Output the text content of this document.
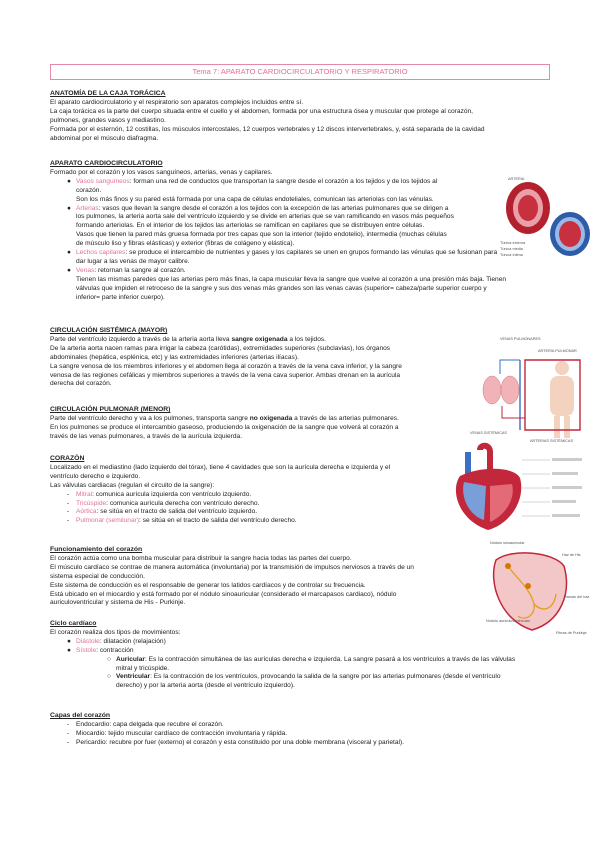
Tema 7: APARATO CARDIOCIRCULATORIO Y RESPIRATORIO
ANATOMÍA DE LA CAJA TORÁCICA
El aparato cardiocirculatorio y el respiratorio son aparatos complejos incluidos entre sí.
La caja torácica es la parte del cuerpo situada entre el cuello y el abdomen, formada por una estructura ósea y muscular que protege al corazón,
pulmones, grandes vasos y mediastino.
Formada por el esternón, 12 costillas, los músculos intercostales, 12 cuerpos vertebrales y 12 discos intervertebrales, y, está separada de la cavidad
abdominal por el músculo diafragma.
APARATO CARDIOCIRCULATORIO
Formado por el corazón y los vasos sanguíneos, arterias, venas y capilares.
● Vasos sanguíneos: forman una red de conductos que transportan la sangre desde el corazón a los tejidos y de los tejidos al
corazón.
Son los más finos y su pared está formada por una capa de células endoteliales, comunican las arteriolas con las vénulas.
● Arterias: vasos que llevan la sangre desde el corazón a los tejidos con la excepción de las arterias pulmonares que se dirigen a
los pulmones, la arteria aorta sale del ventrículo izquierdo y se divide en arterias que se van ramificando en vasos más pequeños
formando arteriolas. En el interior de los tejidos las arteriolas se ramifican en capilares que se distribuyen entre células.
Vasos que tienen la pared más gruesa formada por tres capas que son la interior (tejido endotelio), intermedia (muchas células
de músculo liso y fibras elásticas) y exterior (fibras de colágeno y elástica).
● Lechos capilares: se produce el intercambio de nutrientes y gases y los capilares se unen en grupos formando las vénulas que se fusionan para
dar lugar a las venas de mayor calibre.
● Venas: retornan la sangre al corazón.
Tienen las mismas paredes que las arterias pero más finas, la capa muscular lleva la sangre que vuelve al corazón a una presión más baja. Tienen
válvulas que impiden el retroceso de la sangre y sus dos venas más grandes son las venas cavas (superior= cabeza/parte superior cuerpo y
inferior= parte inferior cuerpo).
ARTERIA
Túnica externa
Túnica media
Túnica íntima
CIRCULACIÓN SISTÉMICA (MAYOR)
Parte del ventrículo izquierdo a través de la arteria aorta lleva sangre oxigenada a los tejidos.
De la arteria aorta nacen ramas para irrigar la cabeza (carótidas), extremidades superiores (subclavias), los órganos
abdominales (hepática, esplénica, etc) y las extremidades inferiores (arterias ilíacas).
La sangre venosa de los miembros inferiores y el abdomen llega al corazón a través de la vena cava inferior, y la sangre
venosa de las regiones cefálicas y miembros superiores a través de la vena cava superior. Ambas drenan en la aurícula
derecha del corazón.
VENAS PULMONARES
ARTERIA PULMONAR
VENAS SISTÉMICAS
ARTERIAS SISTÉMICAS
CIRCULACIÓN PULMONAR (MENOR)
Parte del ventrículo derecho y va a los pulmones, transporta sangre no oxigenada a través de las arterias pulmonares.
En los pulmones se produce el intercambio gaseoso, produciendo la oxigenación de la sangre que volverá al corazón a
través de las venas pulmonares, a través de la aurícula izquierda.
CORAZÓN
Localizado en el mediastino (lado izquierdo del tórax), tiene 4 cavidades que son la aurícula derecha e izquierda y el
ventrículo derecho e izquierdo.
Las válvulas cardiacas (regulan el circuito de la sangre):
- Mitral: comunica aurícula izquierda con ventrículo izquierdo.
- Tricúspide: comunica aurícula derecha con ventrículo derecho.
- Aórtica: se sitúa en el tracto de salida del ventrículo izquierdo.
- Pulmonar (semilunar): se sitúa en el tracto de salida del ventrículo derecho.
Funcionamiento del corazón
El corazón actúa como una bomba muscular para distribuir la sangre hacia todas las partes del cuerpo.
El músculo cardíaco se contrae de manera automática (involuntaria) por la transmisión de impulsos nerviosos a través de un
sistema especial de conducción.
Este sistema de conducción es el responsable de generar los latidos cardíacos y de controlar su frecuencia.
Está ubicado en el miocardio y está formado por el nódulo sinoauricular (considerado el marcapasos cardiaco), nódulo
auriculoventricular y sistema de His - Purkinje.
Nódulo sinoauricular
Haz de His
Nódulo auriculoventricular
Ramas del haz
Fibras de Purkinje
Ciclo cardíaco
El corazón realiza dos tipos de movimientos:
● Diástole: dilatación (relajación)
● Sístole: contracción
○ Auricular: Es la contracción simultánea de las aurículas derecha e izquierda. La sangre pasará a los ventrículos a través de las válvulas
mitral y tricúspide.
○ Ventricular: Es la contracción de los ventrículos, provocando la salida de la sangre por las arterias pulmonares (desde el ventrículo
derecho) y por la arteria aorta (desde el ventrículo izquierdo).
Capas del corazón
- Endocardio: capa delgada que recubre el corazón.
- Miocardio: tejido muscular cardíaco de contracción involuntaria y rápida.
- Pericardio: recubre por fuer (externo) el corazón y esta constituido por una doble membrana (visceral y parietal).
